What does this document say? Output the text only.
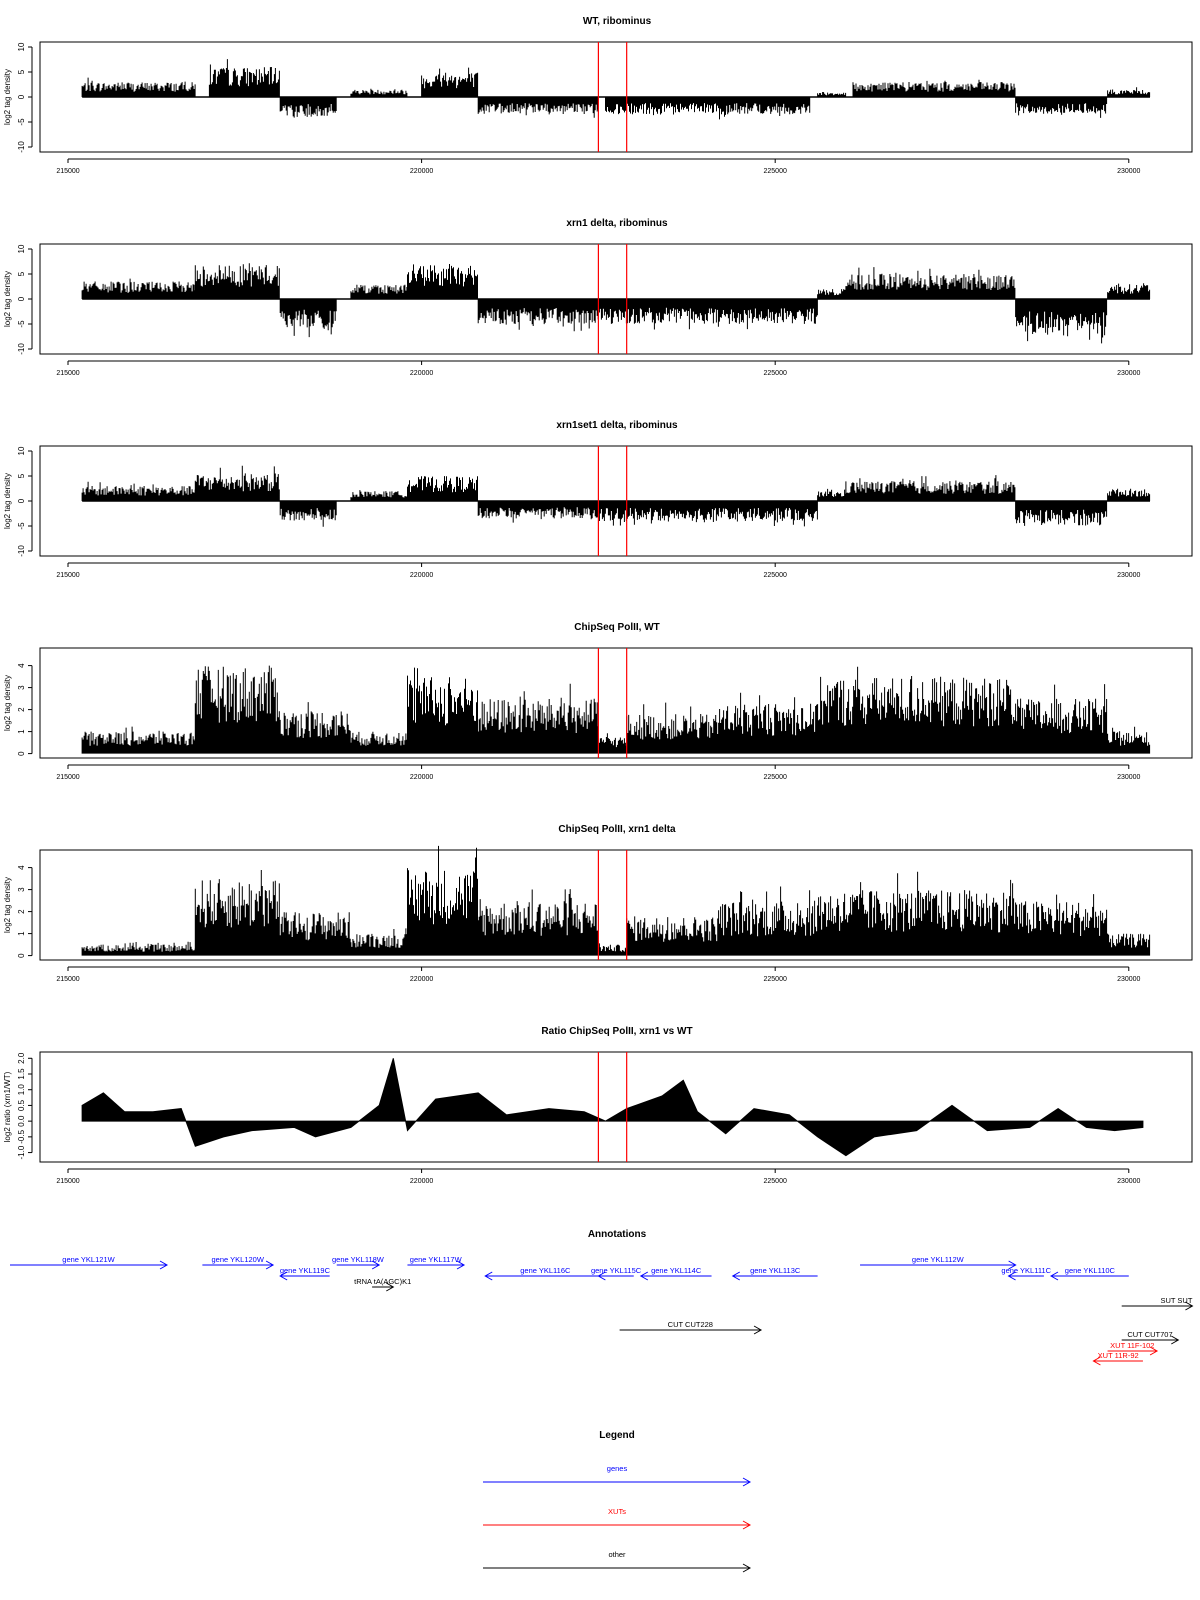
WT, ribominus
-10
-5
0
5
10
log2 tag density
215000	220000	225000	230000
xrn1 delta, ribominus
-10
-5
0
5
10
log2 tag density
215000	220000	225000	230000
xrn1set1 delta, ribominus
-10
-5
0
5
10
log2 tag density
215000	220000	225000	230000
ChipSeq PolII, WT
0
1
2
3
4
log2 tag density
215000	220000	225000	230000
ChipSeq PolII, xrn1 delta
0
1
2
3
4
log2 tag density
215000	220000	225000	230000
Ratio ChipSeq PolII, xrn1 vs WT
-1.0
-0.5
0.0
0.5
1.0
1.5
2.0
log2 ratio (xrn1/WT)
215000	220000	225000	230000
Annotations
gene YKL121W	gene YKL120W	gene YKL118W
gene YKL119C
gene YKL117W
gene YKL116C	gene YKL115C gene YKL114C	gene YKL113C
gene YKL112W
gene YKL111C gene YKL110C
tRNA tA(AGC)K1
CUT CUT228
SUT SUT
CUT CUT707
XUT 11F-102
XUT 11R-92
Legend
genes
XUTs
other
